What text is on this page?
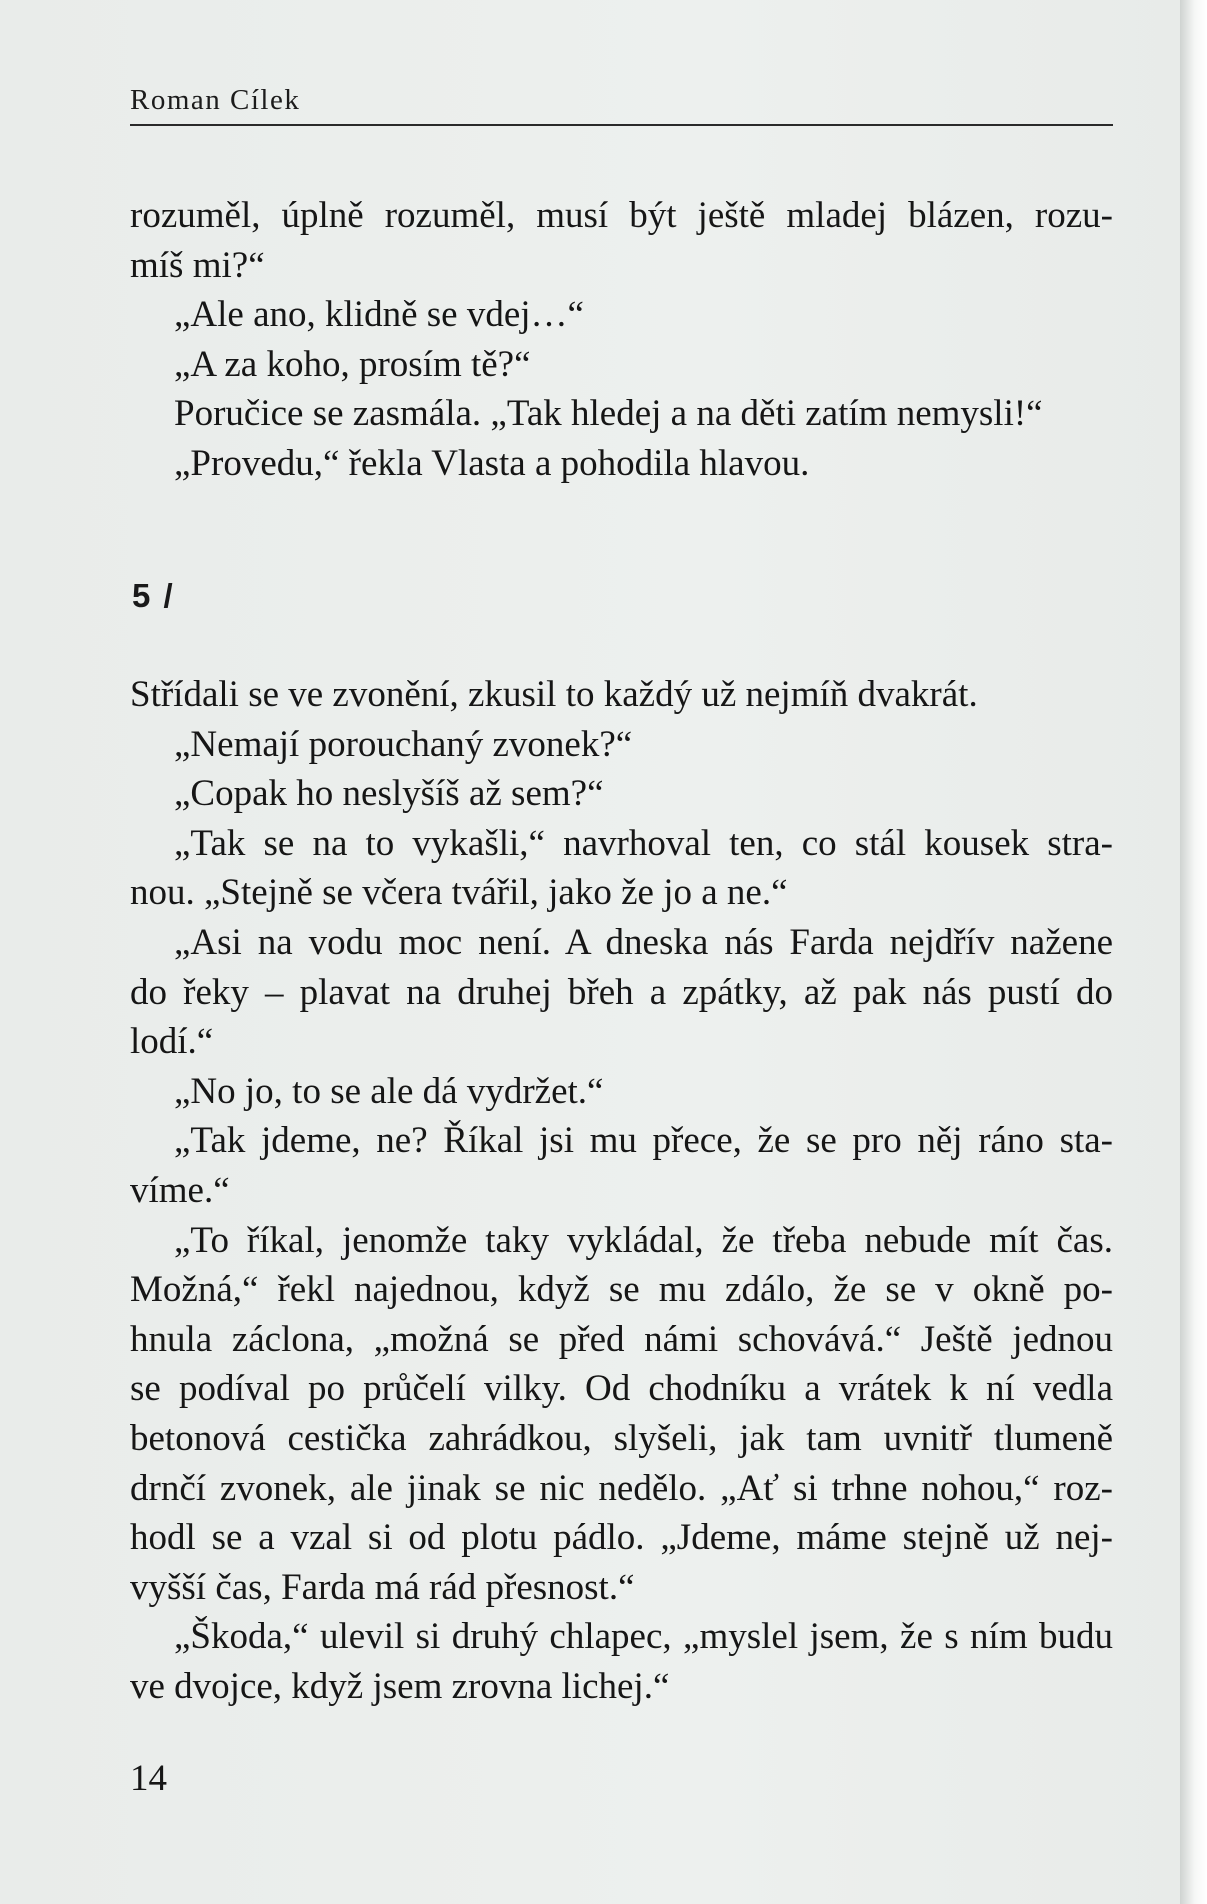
Roman Cílek
rozuměl, úplně rozuměl, musí být ještě mladej blázen, rozu-
míš mi?“
„Ale ano, klidně se vdej…“
„A za koho, prosím tě?“
Poručice se zasmála. „Tak hledej a na děti zatím nemysli!“
„Provedu,“ řekla Vlasta a pohodila hlavou.
5 /
Střídali se ve zvonění, zkusil to každý už nejmíň dvakrát.
„Nemají porouchaný zvonek?“
„Copak ho neslyšíš až sem?“
„Tak se na to vykašli,“ navrhoval ten, co stál kousek stra-
nou. „Stejně se včera tvářil, jako že jo a ne.“
„Asi na vodu moc není. A dneska nás Farda nejdřív naženе
do řeky – plavat na druhej břeh a zpátky, až pak nás pustí do
lodí.“
„No jo, to se ale dá vydržet.“
„Tak jdeme, ne? Říkal jsi mu přece, že se pro něj ráno sta-
víme.“
„To říkal, jenomže taky vykládal, že třeba nebude mít čas.
Možná,“ řekl najednou, když se mu zdálo, že se v okně po-
hnula záclona, „možná se před námi schovává.“ Ještě jednou
se podíval po průčelí vilky. Od chodníku a vrátek k ní vedla
betonová cestička zahrádkou, slyšeli, jak tam uvnitř tlumeně
drnčí zvonek, ale jinak se nic nedělo. „Ať si trhne nohou,“ roz-
hodl se a vzal si od plotu pádlo. „Jdeme, máme stejně už nej-
vyšší čas, Farda má rád přesnost.“
„Škoda,“ ulevil si druhý chlapec, „myslel jsem, že s ním budu
ve dvojce, když jsem zrovna lichej.“
14
